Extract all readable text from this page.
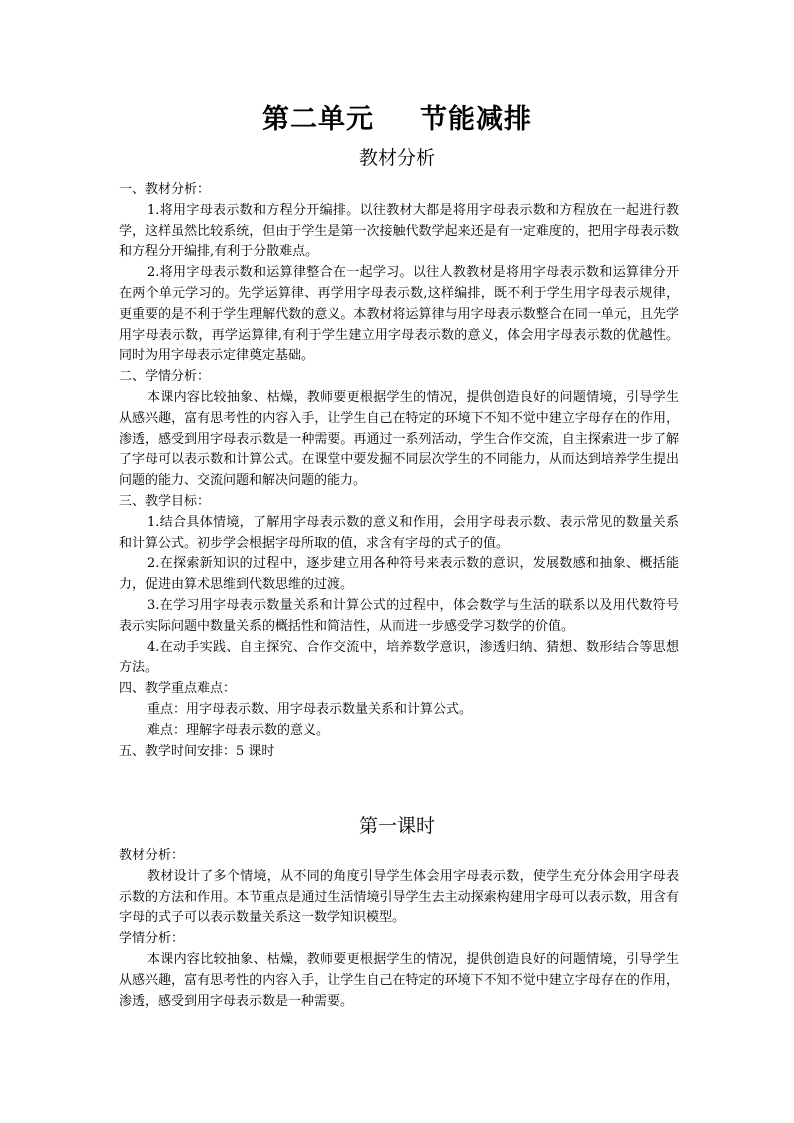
第二单元 节能减排
教材分析

一、教材分析：

1.将用字母表示数和方程分开编排。以往教材大都是将用字母表示数和方程放在一起进行教学，这样虽然比较系统，但由于学生是第一次接触代数学起来还是有一定难度的，把用字母表示数和方程分开编排,有利于分散难点。

2.将用字母表示数和运算律整合在一起学习。以往人教教材是将用字母表示数和运算律分开在两个单元学习的。先学运算律、再学用字母表示数,这样编排，既不利于学生用字母表示规律，更重要的是不利于学生理解代数的意义。本教材将运算律与用字母表示数整合在同一单元，且先学用字母表示数，再学运算律,有利于学生建立用字母表示数的意义，体会用字母表示数的优越性。同时为用字母表示定律奠定基础。

二、学情分析：

本课内容比较抽象、枯燥，教师要更根据学生的情况，提供创造良好的问题情境，引导学生从感兴趣，富有思考性的内容入手，让学生自己在特定的环境下不知不觉中建立字母存在的作用，渗透，感受到用字母表示数是一种需要。再通过一系列活动，学生合作交流，自主探索进一步了解了字母可以表示数和计算公式。在课堂中要发掘不同层次学生的不同能力，从而达到培养学生提出问题的能力、交流问题和解决问题的能力。

三、教学目标：

1.结合具体情境，了解用字母表示数的意义和作用，会用字母表示数、表示常见的数量关系和计算公式。初步学会根据字母所取的值，求含有字母的式子的值。

2.在探索新知识的过程中，逐步建立用各种符号来表示数的意识，发展数感和抽象、概括能力，促进由算术思维到代数思维的过渡。

3.在学习用字母表示数量关系和计算公式的过程中，体会数学与生活的联系以及用代数符号表示实际问题中数量关系的概括性和简洁性，从而进一步感受学习数学的价值。

4.在动手实践、自主探究、合作交流中，培养数学意识，渗透归纳、猜想、数形结合等思想方法。

四、教学重点难点：

重点：用字母表示数、用字母表示数量关系和计算公式。

难点：理解字母表示数的意义。

五、教学时间安排：5 课时

第一课时

教材分析：

教材设计了多个情境，从不同的角度引导学生体会用字母表示数，使学生充分体会用字母表示数的方法和作用。本节重点是通过生活情境引导学生去主动探索构建用字母可以表示数，用含有字母的式子可以表示数量关系这一数学知识模型。

学情分析：

本课内容比较抽象、枯燥，教师要更根据学生的情况，提供创造良好的问题情境，引导学生从感兴趣，富有思考性的内容入手，让学生自己在特定的环境下不知不觉中建立字母存在的作用，渗透，感受到用字母表示数是一种需要。
